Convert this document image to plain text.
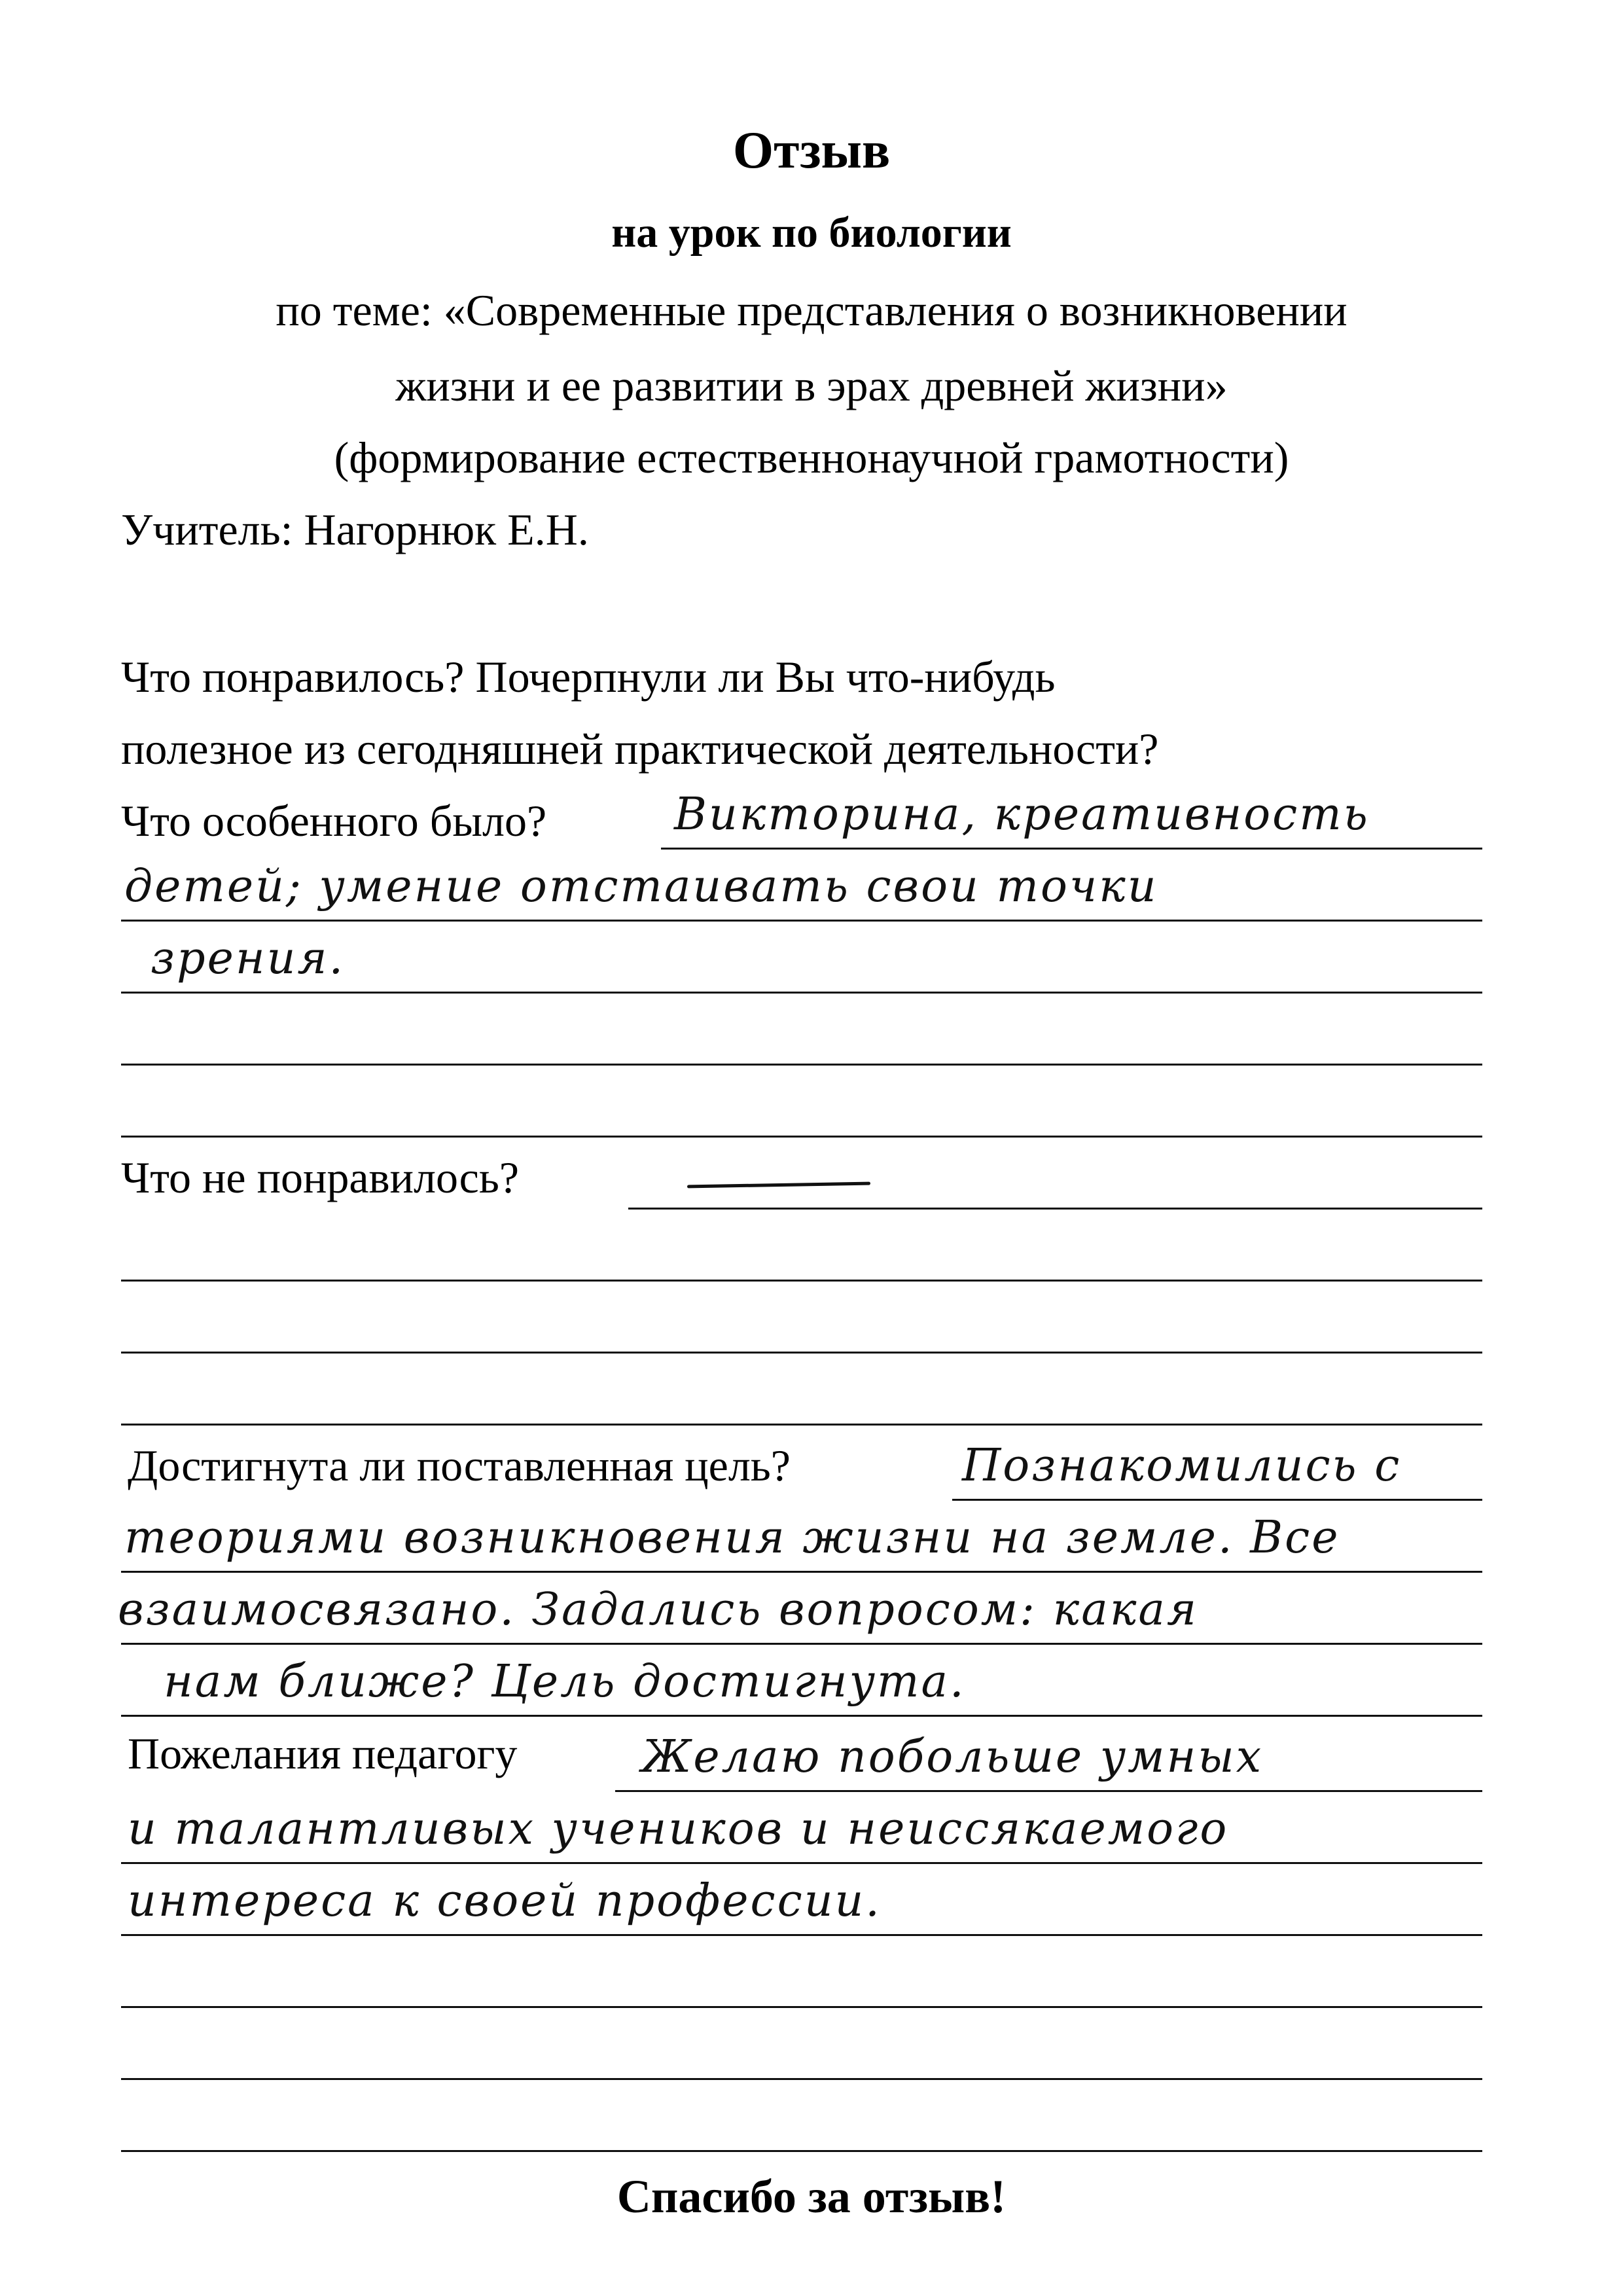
Отзыв
на урок по биологии
по теме: «Современные представления о возникновении
жизни и ее развитии в эрах древней жизни»
(формирование естественнонаучной грамотности)
Учитель: Нагорнюк Е.Н.
Что понравилось? Почерпнули ли Вы что-нибудь
полезное из сегодняшней практической деятельности?
Что особенного было?	Викторина, креативность
детей; умение отстаивать свои точки
зрения.
Что не понравилось?
Достигнута ли поставленная цель?	Познакомились с
теориями возникновения жизни на земле. Все
взаимосвязано. Задались вопросом: какая
нам ближе? Цель достигнута.
Пожелания педагогу	Желаю побольше умных
и талантливых учеников и неиссякаемого
интереса к своей профессии.
Спасибо за отзыв!
